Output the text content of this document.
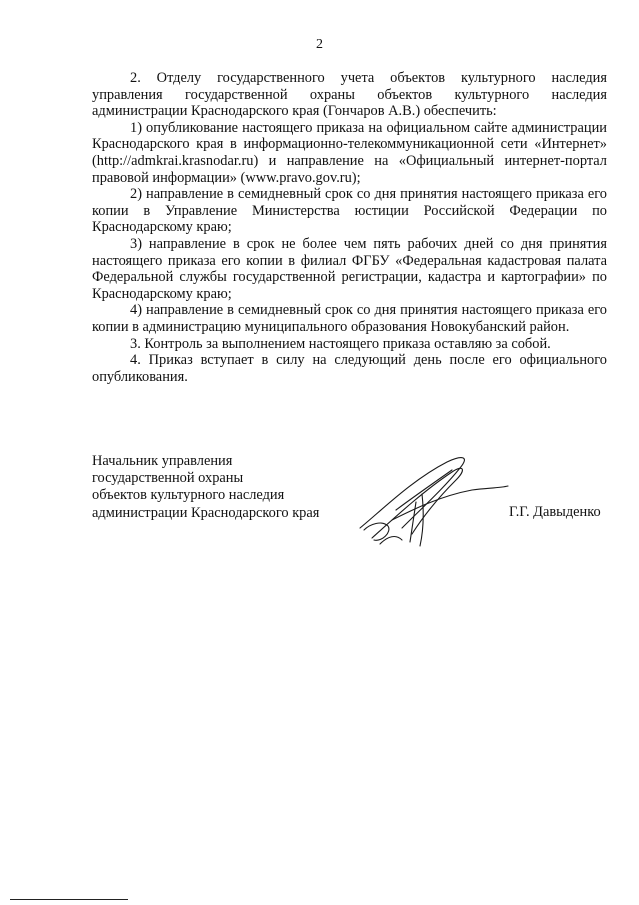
2

2. Отделу государственного учета объектов культурного наследия управления государственной охраны объектов культурного наследия администрации Краснодарского края (Гончаров А.В.) обеспечить:

1) опубликование настоящего приказа на официальном сайте администрации Краснодарского края в информационно-телекоммуникационной сети «Интернет» (http://admkrai.krasnodar.ru) и направление на «Официальный интернет-портал правовой информации» (www.pravo.gov.ru);

2) направление в семидневный срок со дня принятия настоящего приказа его копии в Управление Министерства юстиции Российской Федерации по Краснодарскому краю;

3) направление в срок не более чем пять рабочих дней со дня принятия настоящего приказа его копии в филиал ФГБУ «Федеральная кадастровая палата Федеральной службы государственной регистрации, кадастра и картографии» по Краснодарскому краю;

4) направление в семидневный срок со дня принятия настоящего приказа его копии в администрацию муниципального образования Новокубанский район.

3. Контроль за выполнением настоящего приказа оставляю за собой.

4. Приказ вступает в силу на следующий день после его официального опубликования.

Начальник управления
государственной охраны
объектов культурного наследия
администрации Краснодарского края	Г.Г. Давыденко
